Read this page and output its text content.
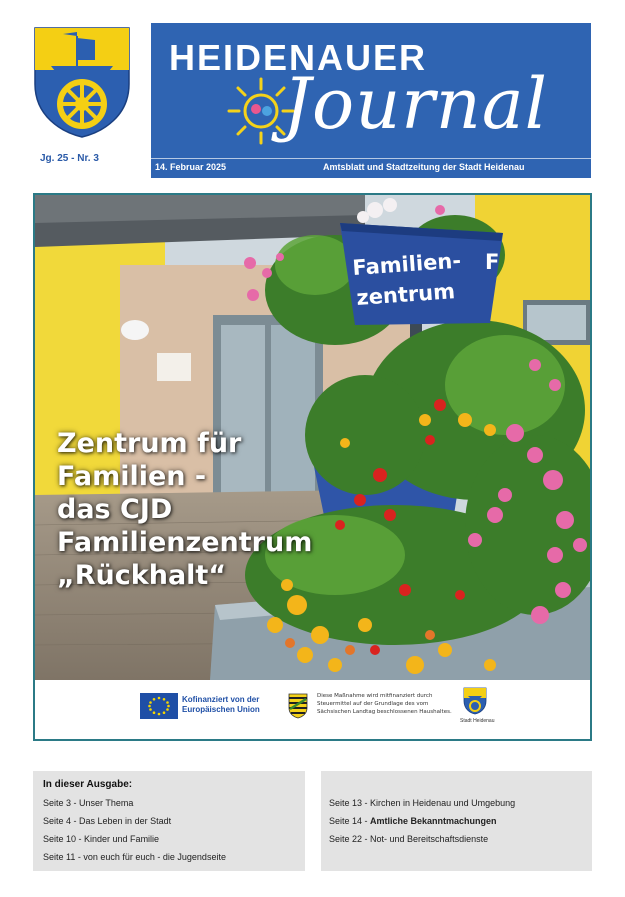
Jg. 25 - Nr. 3
HEIDENAUER
Journal
14. Februar 2025	Amtsblatt und Stadtzeitung der Stadt Heidenau
Familien- F
zentrum
Zentrum für
Familien -
das CJD
Familienzentrum
„Rückhalt“
Kofinanziert von der
Europäischen Union
Diese Maßnahme wird mitfinanziert durch
Steuermittel auf der Grundlage des vom
Sächsischen Landtag beschlossenen Haushaltes.
Stadt Heidenau
In dieser Ausgabe:
Seite 3 - Unser Thema
Seite 4 - Das Leben in der Stadt
Seite 10 - Kinder und Familie
Seite 11 - von euch für euch - die Jugendseite
Seite 13 - Kirchen in Heidenau und Umgebung
Seite 14 - Amtliche Bekanntmachungen
Seite 22 - Not- und Bereitschaftsdienste
